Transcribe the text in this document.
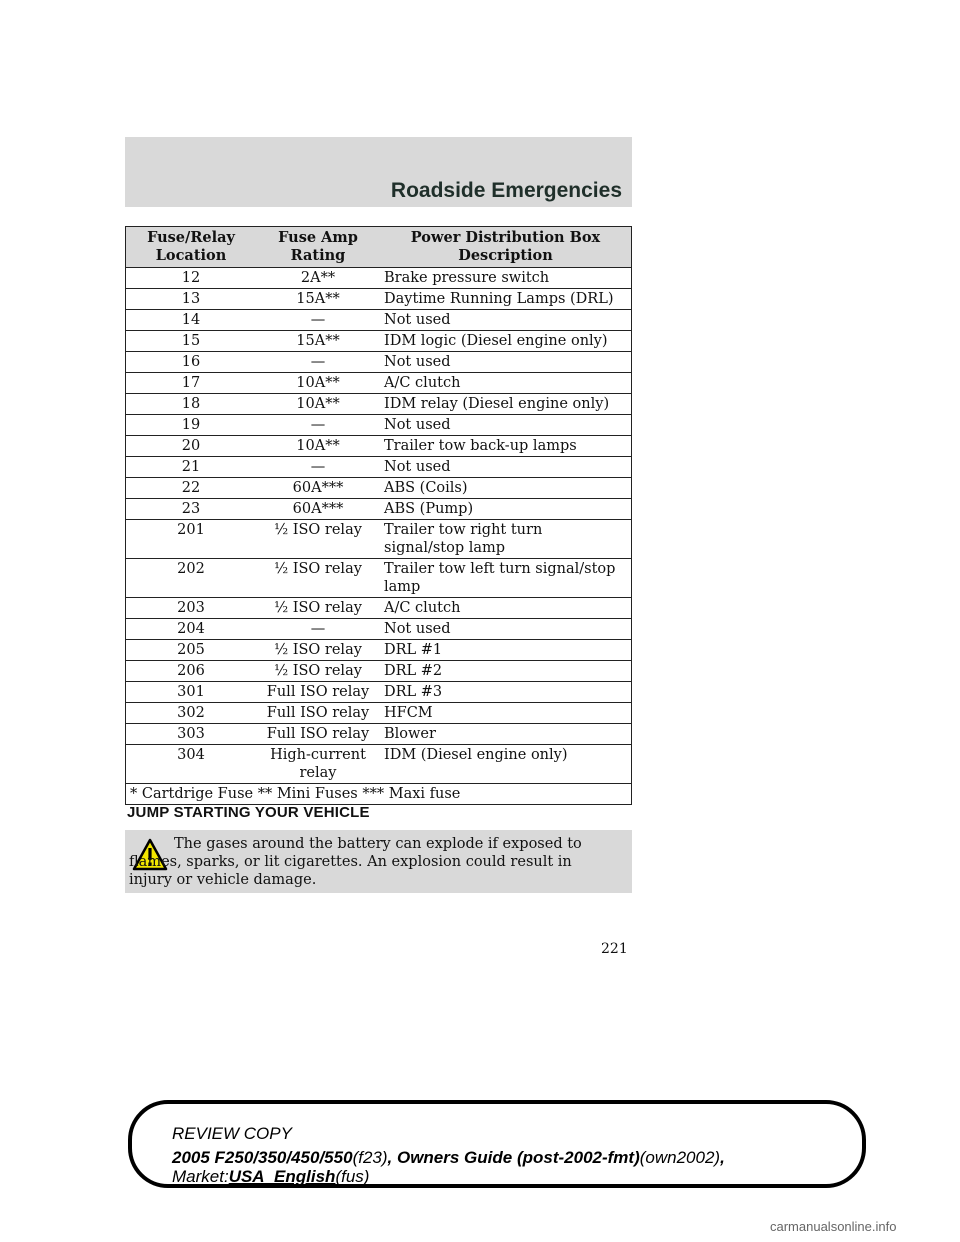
Roadside Emergencies
Fuse/Relay Location	Fuse Amp Rating	Power Distribution Box Description
12	2A**	Brake pressure switch
13	15A**	Daytime Running Lamps (DRL)
14	—	Not used
15	15A**	IDM logic (Diesel engine only)
16	—	Not used
17	10A**	A/C clutch
18	10A**	IDM relay (Diesel engine only)
19	—	Not used
20	10A**	Trailer tow back-up lamps
21	—	Not used
22	60A***	ABS (Coils)
23	60A***	ABS (Pump)
201	½ ISO relay	Trailer tow right turn signal/stop lamp
202	½ ISO relay	Trailer tow left turn signal/stop lamp
203	½ ISO relay	A/C clutch
204	—	Not used
205	½ ISO relay	DRL #1
206	½ ISO relay	DRL #2
301	Full ISO relay	DRL #3
302	Full ISO relay	HFCM
303	Full ISO relay	Blower
304	High-current relay	IDM (Diesel engine only)
* Cartdrige Fuse ** Mini Fuses *** Maxi fuse		
JUMP STARTING YOUR VEHICLE
The gases around the battery can explode if exposed to flames, sparks, or lit cigarettes. An explosion could result in injury or vehicle damage.
221
REVIEW COPY
2005 F250/350/450/550(f23), Owners Guide (post-2002-fmt)(own2002),
Market:USA_English(fus)
carmanualsonline.info
